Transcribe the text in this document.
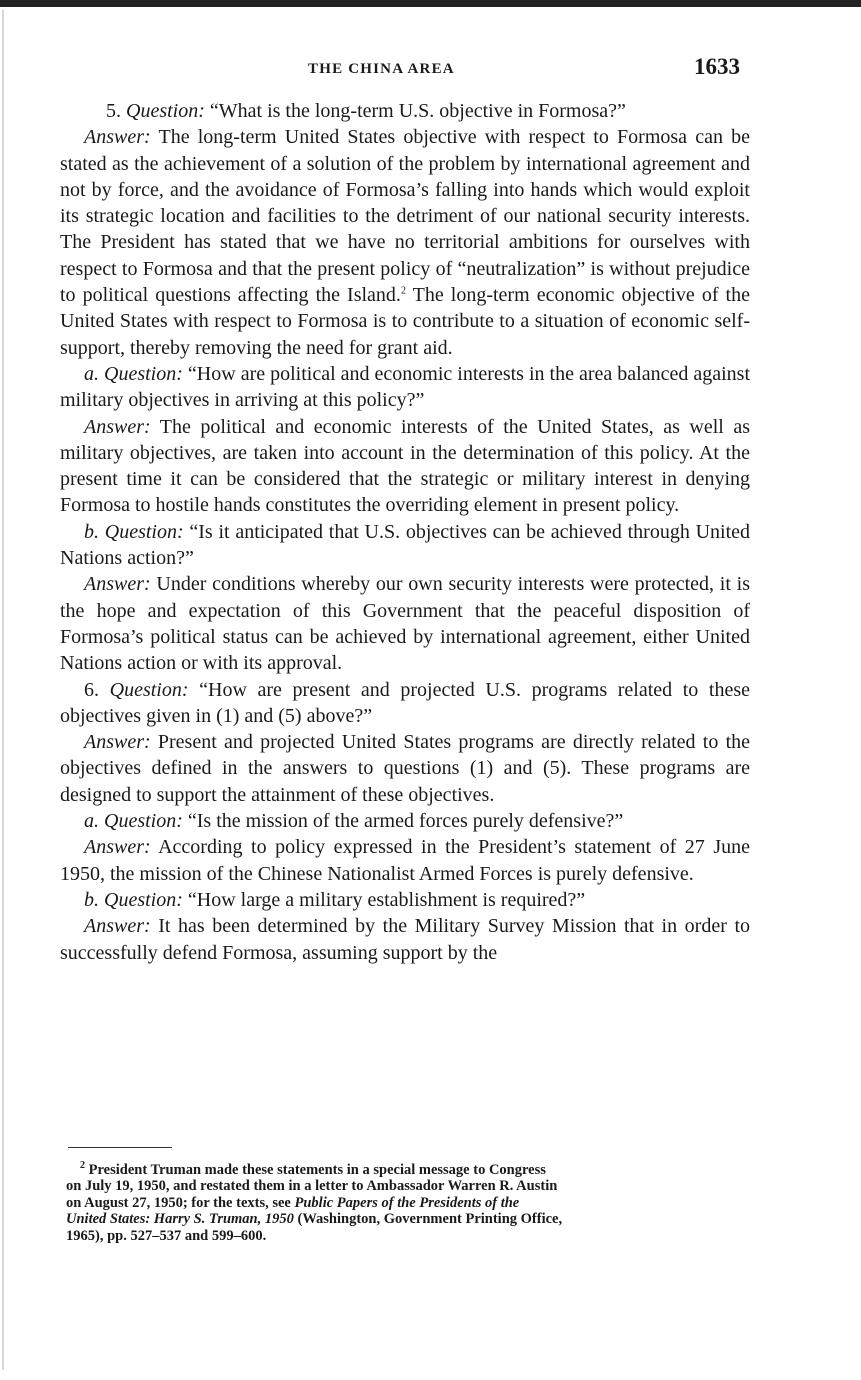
THE CHINA AREA	1633

5. Question: “What is the long-term U.S. objective in Formosa?”

Answer: The long-term United States objective with respect to Formosa can be stated as the achievement of a solution of the problem by international agreement and not by force, and the avoidance of Formosa’s falling into hands which would exploit its strategic location and facilities to the detriment of our national security interests. The President has stated that we have no territorial ambitions for ourselves with respect to Formosa and that the present policy of “neutralization” is without prejudice to political questions affecting the Island.$^2$ The long-term economic objective of the United States with respect to Formosa is to contribute to a situation of economic self-support, thereby removing the need for grant aid.

a. Question: “How are political and economic interests in the area balanced against military objectives in arriving at this policy?”

Answer: The political and economic interests of the United States, as well as military objectives, are taken into account in the determination of this policy. At the present time it can be considered that the strategic or military interest in denying Formosa to hostile hands constitutes the overriding element in present policy.

b. Question: “Is it anticipated that U.S. objectives can be achieved through United Nations action?”

Answer: Under conditions whereby our own security interests were protected, it is the hope and expectation of this Government that the peaceful disposition of Formosa’s political status can be achieved by international agreement, either United Nations action or with its approval.

6. Question: “How are present and projected U.S. programs related to these objectives given in (1) and (5) above?”

Answer: Present and projected United States programs are directly related to the objectives defined in the answers to questions (1) and (5). These programs are designed to support the attainment of these objectives.

a. Question: “Is the mission of the armed forces purely defensive?”

Answer: According to policy expressed in the President’s statement of 27 June 1950, the mission of the Chinese Nationalist Armed Forces is purely defensive.

b. Question: “How large a military establishment is required?”

Answer: It has been determined by the Military Survey Mission that in order to successfully defend Formosa, assuming support by the

$^2$ President Truman made these statements in a special message to Congress
on July 19, 1950, and restated them in a letter to Ambassador Warren R. Austin
on August 27, 1950; for the texts, see Public Papers of the Presidents of the
United States: Harry S. Truman, 1950 (Washington, Government Printing Office,
1965), pp. 527–537 and 599–600.
